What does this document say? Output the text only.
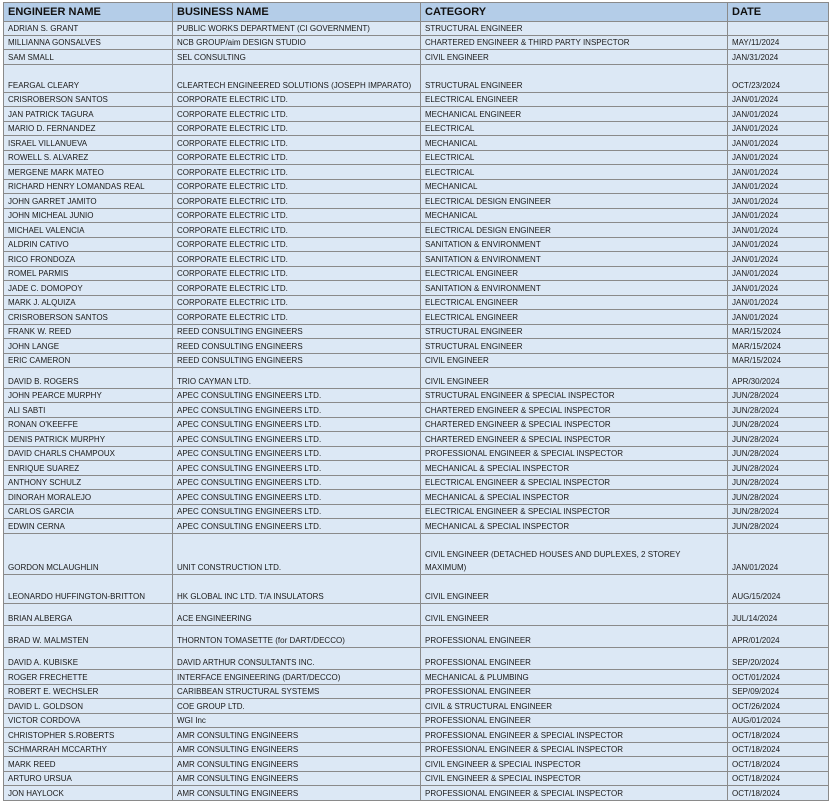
ENGINEER NAME	BUSINESS NAME	CATEGORY	DATE
ADRIAN S. GRANT	PUBLIC WORKS DEPARTMENT (CI GOVERNMENT)	STRUCTURAL ENGINEER	
MILLIANNA GONSALVES	NCB GROUP/aim DESIGN STUDIO	CHARTERED ENGINEER & THIRD PARTY INSPECTOR	MAY/11/2024
SAM SMALL	SEL CONSULTING	CIVIL ENGINEER	JAN/31/2024
FEARGAL CLEARY	CLEARTECH ENGINEERED SOLUTIONS (JOSEPH IMPARATO)	STRUCTURAL ENGINEER	OCT/23/2024
CRISROBERSON SANTOS	CORPORATE ELECTRIC LTD.	ELECTRICAL ENGINEER	JAN/01/2024
JAN PATRICK TAGURA	CORPORATE ELECTRIC LTD.	MECHANICAL ENGINEER	JAN/01/2024
MARIO D. FERNANDEZ	CORPORATE ELECTRIC LTD.	ELECTRICAL	JAN/01/2024
ISRAEL VILLANUEVA	CORPORATE ELECTRIC LTD.	MECHANICAL	JAN/01/2024
ROWELL S. ALVAREZ	CORPORATE ELECTRIC LTD.	ELECTRICAL	JAN/01/2024
MERGENE MARK MATEO	CORPORATE ELECTRIC LTD.	ELECTRICAL	JAN/01/2024
RICHARD HENRY LOMANDAS REAL	CORPORATE ELECTRIC LTD.	MECHANICAL	JAN/01/2024
JOHN GARRET JAMITO	CORPORATE ELECTRIC LTD.	ELECTRICAL DESIGN ENGINEER	JAN/01/2024
JOHN MICHEAL JUNIO	CORPORATE ELECTRIC LTD.	MECHANICAL	JAN/01/2024
MICHAEL VALENCIA	CORPORATE ELECTRIC LTD.	ELECTRICAL DESIGN ENGINEER	JAN/01/2024
ALDRIN CATIVO	CORPORATE ELECTRIC LTD.	SANITATION & ENVIRONMENT	JAN/01/2024
RICO FRONDOZA	CORPORATE ELECTRIC LTD.	SANITATION & ENVIRONMENT	JAN/01/2024
ROMEL PARMIS	CORPORATE ELECTRIC LTD.	ELECTRICAL ENGINEER	JAN/01/2024
JADE C. DOMOPOY	CORPORATE ELECTRIC LTD.	SANITATION & ENVIRONMENT	JAN/01/2024
MARK J. ALQUIZA	CORPORATE ELECTRIC LTD.	ELECTRICAL ENGINEER	JAN/01/2024
CRISROBERSON SANTOS	CORPORATE ELECTRIC LTD.	ELECTRICAL ENGINEER	JAN/01/2024
FRANK W. REED	REED CONSULTING ENGINEERS	STRUCTURAL ENGINEER	MAR/15/2024
JOHN LANGE	REED CONSULTING ENGINEERS	STRUCTURAL ENGINEER	MAR/15/2024
ERIC CAMERON	REED CONSULTING ENGINEERS	CIVIL ENGINEER	MAR/15/2024
DAVID B. ROGERS	TRIO CAYMAN LTD.	CIVIL ENGINEER	APR/30/2024
JOHN PEARCE MURPHY	APEC CONSULTING ENGINEERS LTD.	STRUCTURAL ENGINEER & SPECIAL INSPECTOR	JUN/28/2024
ALI SABTI	APEC CONSULTING ENGINEERS LTD.	CHARTERED ENGINEER & SPECIAL INSPECTOR	JUN/28/2024
RONAN O'KEEFFE	APEC CONSULTING ENGINEERS LTD.	CHARTERED ENGINEER & SPECIAL INSPECTOR	JUN/28/2024
DENIS PATRICK MURPHY	APEC CONSULTING ENGINEERS LTD.	CHARTERED ENGINEER & SPECIAL INSPECTOR	JUN/28/2024
DAVID CHARLS CHAMPOUX	APEC CONSULTING ENGINEERS LTD.	PROFESSIONAL ENGINEER & SPECIAL INSPECTOR	JUN/28/2024
ENRIQUE SUAREZ	APEC CONSULTING ENGINEERS LTD.	MECHANICAL & SPECIAL INSPECTOR	JUN/28/2024
ANTHONY SCHULZ	APEC CONSULTING ENGINEERS LTD.	ELECTRICAL ENGINEER & SPECIAL INSPECTOR	JUN/28/2024
DINORAH MORALEJO	APEC CONSULTING ENGINEERS LTD.	MECHANICAL & SPECIAL INSPECTOR	JUN/28/2024
CARLOS GARCIA	APEC CONSULTING ENGINEERS LTD.	ELECTRICAL ENGINEER & SPECIAL INSPECTOR	JUN/28/2024
EDWIN CERNA	APEC CONSULTING ENGINEERS LTD.	MECHANICAL & SPECIAL INSPECTOR	JUN/28/2024
GORDON MCLAUGHLIN	UNIT CONSTRUCTION LTD.	CIVIL ENGINEER (DETACHED HOUSES AND DUPLEXES, 2 STOREY MAXIMUM)	JAN/01/2024
LEONARDO HUFFINGTON-BRITTON	HK GLOBAL INC LTD. T/A INSULATORS	CIVIL ENGINEER	AUG/15/2024
BRIAN ALBERGA	ACE ENGINEERING	CIVIL ENGINEER	JUL/14/2024
BRAD W. MALMSTEN	THORNTON TOMASETTE (for DART/DECCO)	PROFESSIONAL ENGINEER	APR/01/2024
DAVID A. KUBISKE	DAVID ARTHUR CONSULTANTS INC.	PROFESSIONAL ENGINEER	SEP/20/2024
ROGER FRECHETTE	INTERFACE ENGINEERING (DART/DECCO)	MECHANICAL & PLUMBING	OCT/01/2024
ROBERT E. WECHSLER	CARIBBEAN STRUCTURAL SYSTEMS	PROFESSIONAL ENGINEER	SEP/09/2024
DAVID L. GOLDSON	COE GROUP LTD.	CIVIL & STRUCTURAL ENGINEER	OCT/26/2024
VICTOR CORDOVA	WGI Inc	PROFESSIONAL ENGINEER	AUG/01/2024
CHRISTOPHER S.ROBERTS	AMR CONSULTING ENGINEERS	PROFESSIONAL ENGINEER & SPECIAL INSPECTOR	OCT/18/2024
SCHMARRAH MCCARTHY	AMR CONSULTING ENGINEERS	PROFESSIONAL ENGINEER & SPECIAL INSPECTOR	OCT/18/2024
MARK REED	AMR CONSULTING ENGINEERS	CIVIL ENGINEER & SPECIAL INSPECTOR	OCT/18/2024
ARTURO URSUA	AMR CONSULTING ENGINEERS	CIVIL ENGINEER & SPECIAL INSPECTOR	OCT/18/2024
JON HAYLOCK	AMR CONSULTING ENGINEERS	PROFESSIONAL ENGINEER & SPECIAL INSPECTOR	OCT/18/2024
